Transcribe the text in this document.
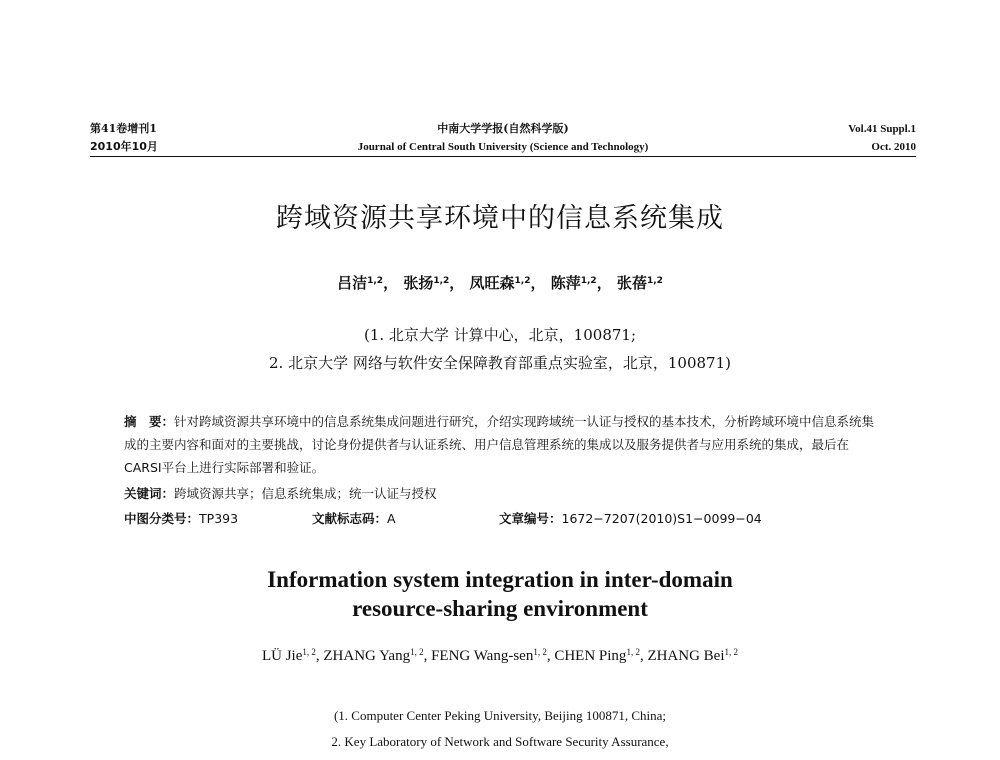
第41卷增刊1	中南大学学报(自然科学版)	Vol.41 Suppl.1
2010年10月	Journal of Central South University (Science and Technology)	Oct. 2010
跨域资源共享环境中的信息系统集成
吕洁$^{1,2}$， 张扬$^{1,2}$， 凤旺森$^{1,2}$， 陈萍$^{1,2}$， 张蓓$^{1,2}$
(1. 北京大学 计算中心，北京，100871;
2. 北京大学 网络与软件安全保障教育部重点实验室，北京，100871)
摘　要：针对跨域资源共享环境中的信息系统集成问题进行研究，介绍实现跨域统一认证与授权的基本技术，分析跨域环境中信息系统集成的主要内容和面对的主要挑战，讨论身份提供者与认证系统、用户信息管理系统的集成以及服务提供者与应用系统的集成，最后在CARSI平台上进行实际部署和验证。
关键词：跨域资源共享；信息系统集成；统一认证与授权
中图分类号：TP393	文献标志码：A	文章编号：1672−7207(2010)S1−0099−04
Information system integration in inter-domain
resource-sharing environment
LÜ Jie$^{1, 2}$, ZHANG Yang$^{1, 2}$, FENG Wang-sen$^{1, 2}$, CHEN Ping$^{1, 2}$, ZHANG Bei$^{1, 2}$
(1. Computer Center Peking University, Beijing 100871, China;
2. Key Laboratory of Network and Software Security Assurance,
